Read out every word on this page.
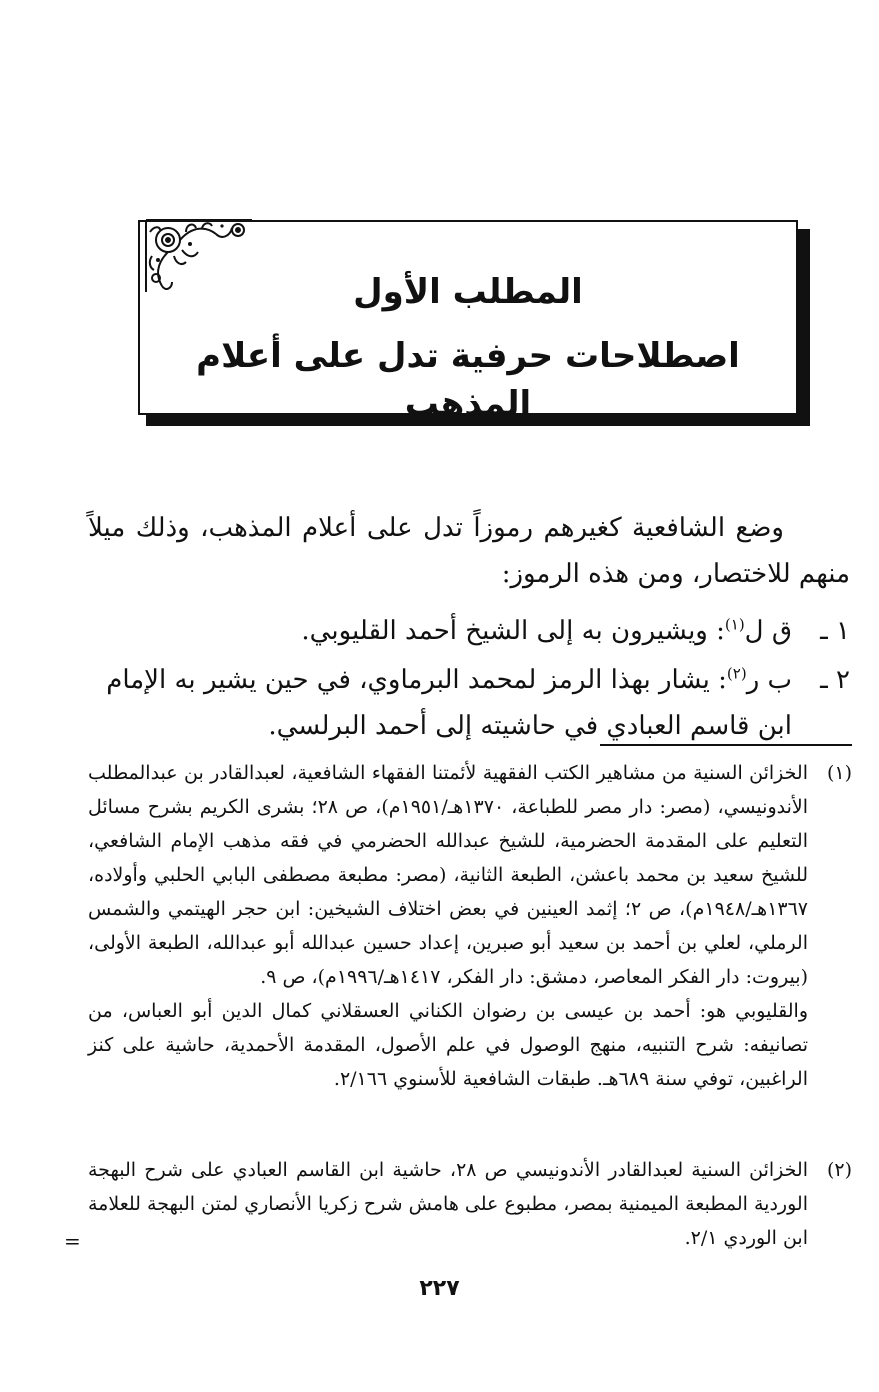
المطلب الأول
اصطلاحات حرفية تدل على أعلام المذهب
وضع الشافعية كغيرهم رموزاً تدل على أعلام المذهب، وذلك ميلاً منهم للاختصار، ومن هذه الرموز:
١ ـق ل$^{(١)}$: ويشيرون به إلى الشيخ أحمد القليوبي.
٢ ـب ر$^{(٢)}$: يشار بهذا الرمز لمحمد البرماوي، في حين يشير به الإمام
ابن قاسم العبادي في حاشيته إلى أحمد البرلسي.
(١)
الخزائن السنية من مشاهير الكتب الفقهية لأئمتنا الفقهاء الشافعية، لعبدالقادر بن عبدالمطلب الأندونيسي، (مصر: دار مصر للطباعة، ١٣٧٠هـ/١٩٥١م)، ص ٢٨؛ بشرى الكريم بشرح مسائل التعليم على المقدمة الحضرمية، للشيخ عبدالله الحضرمي في فقه مذهب الإمام الشافعي، للشيخ سعيد بن محمد باعشن، الطبعة الثانية، (مصر: مطبعة مصطفى البابي الحلبي وأولاده، ١٣٦٧هـ/١٩٤٨م)، ص ٢؛ إثمد العينين في بعض اختلاف الشيخين: ابن حجر الهيتمي والشمس الرملي، لعلي بن أحمد بن سعيد أبو صبرين، إعداد حسين عبدالله أبو عبدالله، الطبعة الأولى، (بيروت: دار الفكر المعاصر، دمشق: دار الفكر، ١٤١٧هـ/١٩٩٦م)، ص ٩.
والقليوبي هو: أحمد بن عيسى بن رضوان الكناني العسقلاني كمال الدين أبو العباس، من تصانيفه: شرح التنبيه، منهج الوصول في علم الأصول، المقدمة الأحمدية، حاشية على كنز الراغبين، توفي سنة ٦٨٩هـ. طبقات الشافعية للأسنوي ٢/١٦٦.
(٢)
الخزائن السنية لعبدالقادر الأندونيسي ص ٢٨، حاشية ابن القاسم العبادي على شرح البهجة الوردية المطبعة الميمنية بمصر، مطبوع على هامش شرح زكريا الأنصاري لمتن البهجة للعلامة ابن الوردي ٢/١.
=
٢٢٧
